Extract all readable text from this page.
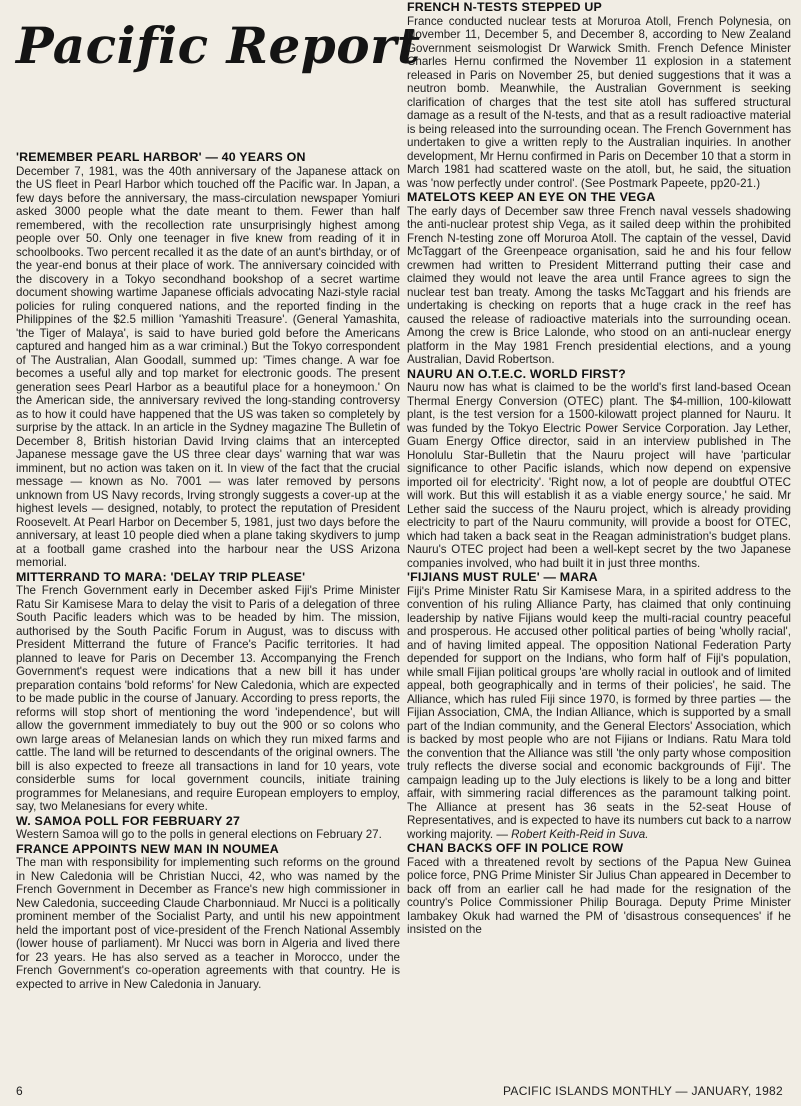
Pacific Report
'REMEMBER PEARL HARBOR' — 40 YEARS ON

December 7, 1981, was the 40th anniversary of the Japanese attack on the US fleet in Pearl Harbor which touched off the Pacific war. In Japan, a few days before the anniversary, the mass-circulation newspaper Yomiuri asked 3000 people what the date meant to them. Fewer than half remembered, with the recollection rate unsurprisingly highest among people over 50. Only one teenager in five knew from reading of it in schoolbooks. Two percent recalled it as the date of an aunt's birthday, or of the year-end bonus at their place of work. The anniversary coincided with the discovery in a Tokyo secondhand bookshop of a secret wartime document showing wartime Japanese officials advocating Nazi-style racial policies for ruling conquered nations, and the reported finding in the Philippines of the $2.5 million 'Yamashiti Treasure'. (General Yamashita, 'the Tiger of Malaya', is said to have buried gold before the Americans captured and hanged him as a war criminal.) But the Tokyo correspondent of The Australian, Alan Goodall, summed up: 'Times change. A war foe becomes a useful ally and top market for electronic goods. The present generation sees Pearl Harbor as a beautiful place for a honeymoon.' On the American side, the anniversary revived the long-standing controversy as to how it could have happened that the US was taken so completely by surprise by the attack. In an article in the Sydney magazine The Bulletin of December 8, British historian David Irving claims that an intercepted Japanese message gave the US three clear days' warning that war was imminent, but no action was taken on it. In view of the fact that the crucial message — known as No. 7001 — was later removed by persons unknown from US Navy records, Irving strongly suggests a cover-up at the highest levels — designed, notably, to protect the reputation of President Roosevelt. At Pearl Harbor on December 5, 1981, just two days before the anniversary, at least 10 people died when a plane taking skydivers to jump at a football game crashed into the harbour near the USS Arizona memorial.

MITTERRAND TO MARA: 'DELAY TRIP PLEASE'

The French Government early in December asked Fiji's Prime Minister Ratu Sir Kamisese Mara to delay the visit to Paris of a delegation of three South Pacific leaders which was to be headed by him. The mission, authorised by the South Pacific Forum in August, was to discuss with President Mitterrand the future of France's Pacific territories. It had planned to leave for Paris on December 13. Accompanying the French Government's request were indications that a new bill it has under preparation contains 'bold reforms' for New Caledonia, which are expected to be made public in the course of January. According to press reports, the reforms will stop short of mentioning the word 'independence', but will allow the government immediately to buy out the 900 or so colons who own large areas of Melanesian lands on which they run mixed farms and cattle. The land will be returned to descendants of the original owners. The bill is also expected to freeze all transactions in land for 10 years, vote considerble sums for local government councils, initiate training programmes for Melanesians, and require European employers to employ, say, two Melanesians for every white.

W. SAMOA POLL FOR FEBRUARY 27

Western Samoa will go to the polls in general elections on February 27.

FRANCE APPOINTS NEW MAN IN NOUMEA

The man with responsibility for implementing such reforms on the ground in New Caledonia will be Christian Nucci, 42, who was named by the French Government in December as France's new high commissioner in New Caledonia, succeeding Claude Charbonniaud. Mr Nucci is a politically prominent member of the Socialist Party, and until his new appointment held the important post of vice-president of the French National Assembly (lower house of parliament). Mr Nucci was born in Algeria and lived there for 23 years. He has also served as a teacher in Morocco, under the French Government's co-operation agreements with that country. He is expected to arrive in New Caledonia in January.

FRENCH N-TESTS STEPPED UP

France conducted nuclear tests at Moruroa Atoll, French Polynesia, on November 11, December 5, and December 8, according to New Zealand Government seismologist Dr Warwick Smith. French Defence Minister Charles Hernu confirmed the November 11 explosion in a statement released in Paris on November 25, but denied suggestions that it was a neutron bomb. Meanwhile, the Australian Government is seeking clarification of charges that the test site atoll has suffered structural damage as a result of the N-tests, and that as a result radioactive material is being released into the surrounding ocean. The French Government has undertaken to give a written reply to the Australian inquiries. In another development, Mr Hernu confirmed in Paris on December 10 that a storm in March 1981 had scattered waste on the atoll, but, he said, the situation was 'now perfectly under control'. (See Postmark Papeete, pp20-21.)

MATELOTS KEEP AN EYE ON THE VEGA

The early days of December saw three French naval vessels shadowing the anti-nuclear protest ship Vega, as it sailed deep within the prohibited French N-testing zone off Moruroa Atoll. The captain of the vessel, David McTaggart of the Greenpeace organisation, said he and his four fellow crewmen had written to President Mitterrand putting their case and claimed they would not leave the area until France agrees to sign the nuclear test ban treaty. Among the tasks McTaggart and his friends are undertaking is checking on reports that a huge crack in the reef has caused the release of radioactive materials into the surrounding ocean. Among the crew is Brice Lalonde, who stood on an anti-nuclear energy platform in the May 1981 French presidential elections, and a young Australian, David Robertson.

NAURU AN O.T.E.C. WORLD FIRST?

Nauru now has what is claimed to be the world's first land-based Ocean Thermal Energy Conversion (OTEC) plant. The $4-million, 100-kilowatt plant, is the test version for a 1500-kilowatt project planned for Nauru. It was funded by the Tokyo Electric Power Service Corporation. Jay Lether, Guam Energy Office director, said in an interview published in The Honolulu Star-Bulletin that the Nauru project will have 'particular significance to other Pacific islands, which now depend on expensive imported oil for electricity'. 'Right now, a lot of people are doubtful OTEC will work. But this will establish it as a viable energy source,' he said. Mr Lether said the success of the Nauru project, which is already providing electricity to part of the Nauru community, will provide a boost for OTEC, which had taken a back seat in the Reagan administration's budget plans. Nauru's OTEC project had been a well-kept secret by the two Japanese companies involved, who had built it in just three months.

'FIJIANS MUST RULE' — MARA

Fiji's Prime Minister Ratu Sir Kamisese Mara, in a spirited address to the convention of his ruling Alliance Party, has claimed that only continuing leadership by native Fijians would keep the multi-racial country peaceful and prosperous. He accused other political parties of being 'wholly racial', and of having limited appeal. The opposition National Federation Party depended for support on the Indians, who form half of Fiji's population, while small Fijian political groups 'are wholly racial in outlook and of limited appeal, both geographically and in terms of their policies', he said. The Alliance, which has ruled Fiji since 1970, is formed by three parties — the Fijian Association, CMA, the Indian Alliance, which is supported by a small part of the Indian community, and the General Electors' Association, which is backed by most people who are not Fijians or Indians. Ratu Mara told the convention that the Alliance was still 'the only party whose composition truly reflects the diverse social and economic backgrounds of Fiji'. The campaign leading up to the July elections is likely to be a long and bitter affair, with simmering racial differences as the paramount talking point. The Alliance at present has 36 seats in the 52-seat House of Representatives, and is expected to have its numbers cut back to a narrow working majority. — Robert Keith-Reid in Suva.

CHAN BACKS OFF IN POLICE ROW

Faced with a threatened revolt by sections of the Papua New Guinea police force, PNG Prime Minister Sir Julius Chan appeared in December to back off from an earlier call he had made for the resignation of the country's Police Commissioner Philip Bouraga. Deputy Prime Minister Iambakey Okuk had warned the PM of 'disastrous consequences' if he insisted on the

6	PACIFIC ISLANDS MONTHLY — JANUARY, 1982
